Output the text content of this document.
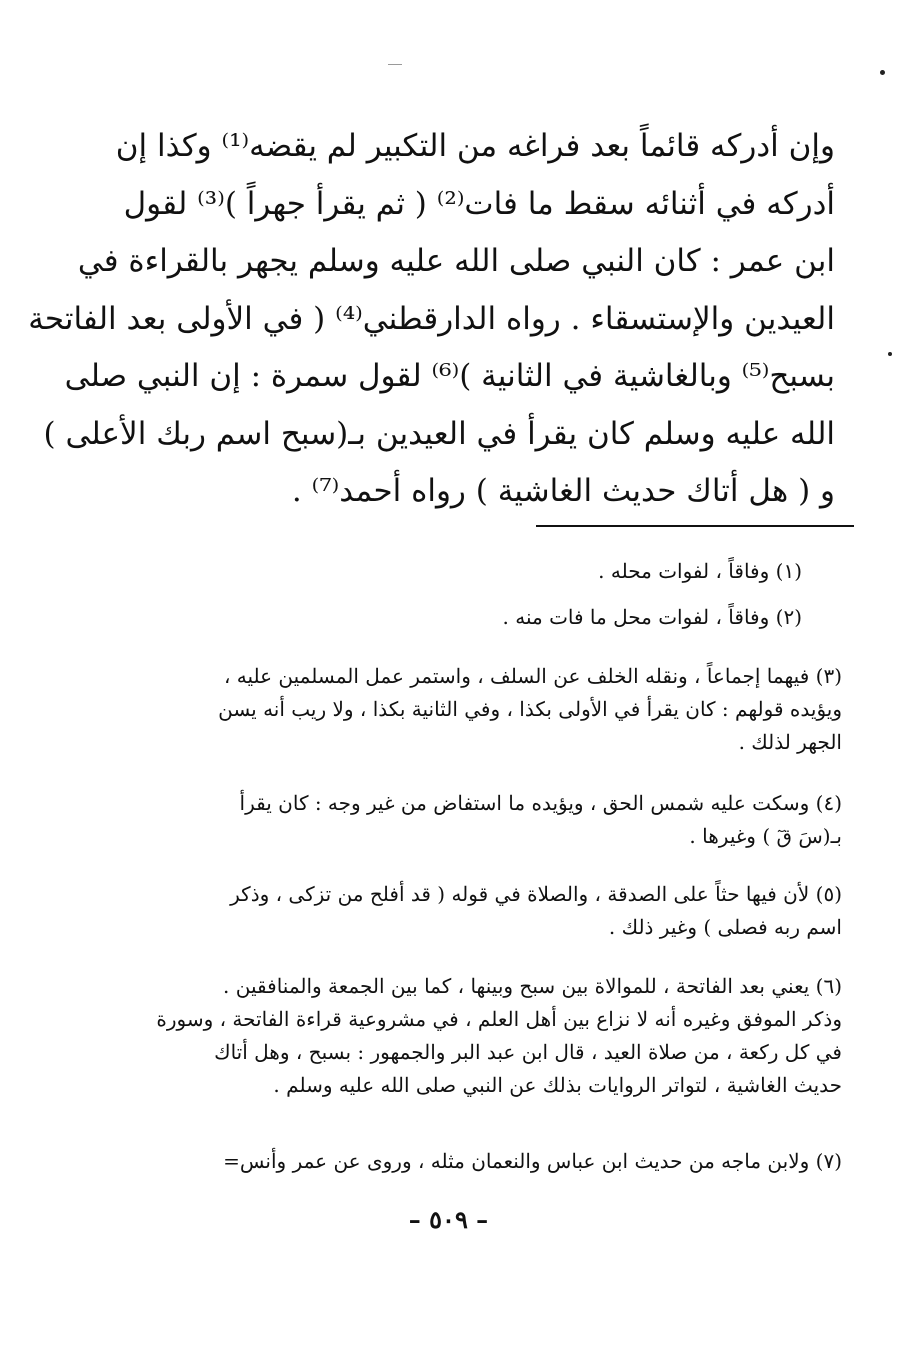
وإن أدركه قائماً بعد فراغه من التكبير لم يقضه⁽¹⁾ وكذا إن
أدركه في أثنائه سقط ما فات⁽²⁾ ( ثم يقرأ جهراً )⁽³⁾ لقول
ابن عمر : كان النبي صلى الله عليه وسلم يجهر بالقراءة في
العيدين والإستسقاء . رواه الدارقطني⁽⁴⁾ ( في الأولى بعد الفاتحة
بسبح⁽⁵⁾ وبالغاشية في الثانية )⁽⁶⁾ لقول سمرة : إن النبي صلى
الله عليه وسلم كان يقرأ في العيدين بـ(سبح اسم ربك الأعلى )
و ( هل أتاك حديث الغاشية ) رواه أحمد⁽⁷⁾ .
(١) وفاقاً ، لفوات محله .
(٢) وفاقاً ، لفوات محل ما فات منه .
(٣) فيهما إجماعاً ، ونقله الخلف عن السلف ، واستمر عمل المسلمين عليه ،
ويؤيده قولهم : كان يقرأ في الأولى بكذا ، وفي الثانية بكذا ، ولا ريب أنه يسن
الجهر لذلك .
(٤) وسكت عليه شمس الحق ، ويؤيده ما استفاض من غير وجه : كان يقرأ
بـ(سَ قٓ ) وغيرها .
(٥) لأن فيها حثاً على الصدقة ، والصلاة في قوله ( قد أفلح من تزكى ، وذكر
اسم ربه فصلى ) وغير ذلك .
(٦) يعني بعد الفاتحة ، للموالاة بين سبح وبينها ، كما بين الجمعة والمنافقين .
وذكر الموفق وغيره أنه لا نزاع بين أهل العلم ، في مشروعية قراءة الفاتحة ، وسورة
في كل ركعة ، من صلاة العيد ، قال ابن عبد البر والجمهور : بسبح ، وهل أتاك
حديث الغاشية ، لتواتر الروايات بذلك عن النبي صلى الله عليه وسلم .
(٧) ولابن ماجه من حديث ابن عباس والنعمان مثله ، وروى عن عمر وأنس=
– ٥٠٩ –
